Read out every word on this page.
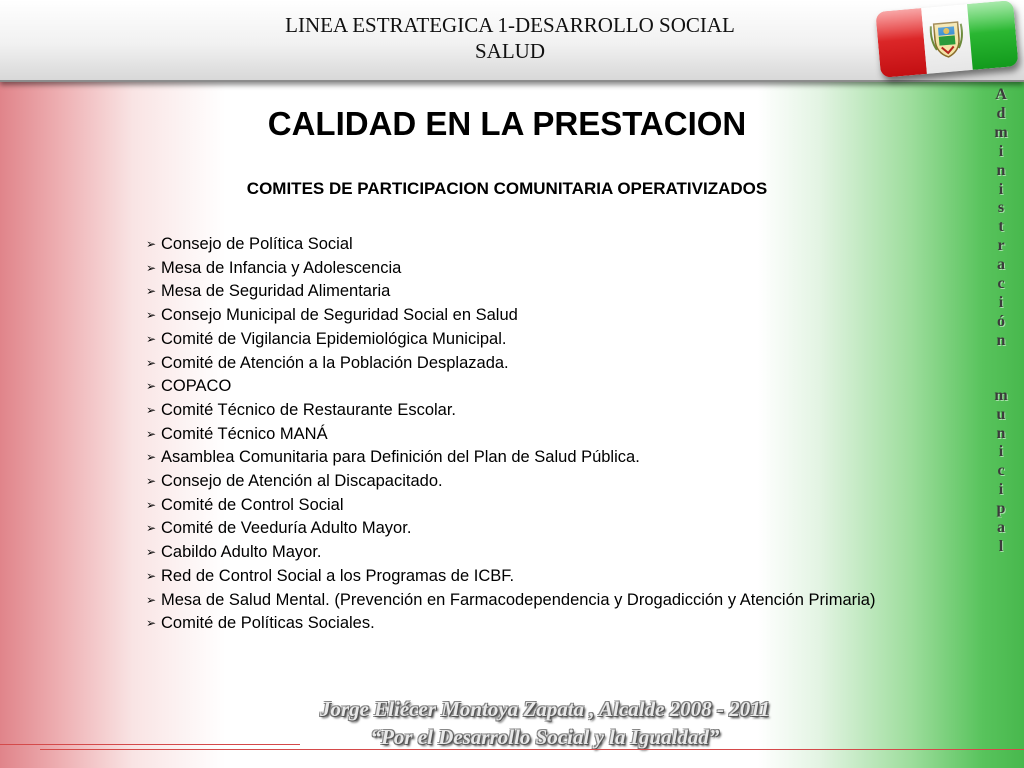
LINEA ESTRATEGICA 1-DESARROLLO SOCIAL
SALUD
CALIDAD EN LA PRESTACION
COMITES DE PARTICIPACION COMUNITARIA OPERATIVIZADOS
➢ Consejo de Política Social
➢ Mesa de Infancia y Adolescencia
➢ Mesa de Seguridad Alimentaria
➢ Consejo Municipal de Seguridad Social en Salud
➢ Comité de Vigilancia Epidemiológica Municipal.
➢ Comité de Atención a la Población Desplazada.
➢ COPACO
➢ Comité Técnico de Restaurante Escolar.
➢ Comité Técnico MANÁ
➢ Asamblea Comunitaria para Definición del Plan de Salud Pública.
➢ Consejo de Atención al Discapacitado.
➢ Comité de Control Social
➢ Comité de Veeduría Adulto Mayor.
➢ Cabildo Adulto Mayor.
➢ Red de Control Social a los Programas de ICBF.
➢ Mesa de Salud Mental. (Prevención en Farmacodependencia y Drogadicción y Atención Primaria)
➢ Comité de Políticas Sociales.
A
d
m
i
n
i
s
t
r
a
c
i
ó
n
m
u
n
i
c
i
p
a
l

Jorge Eliécer Montoya Zapata , Alcalde 2008 - 2011

“Por el Desarrollo Social y la Igualdad”
